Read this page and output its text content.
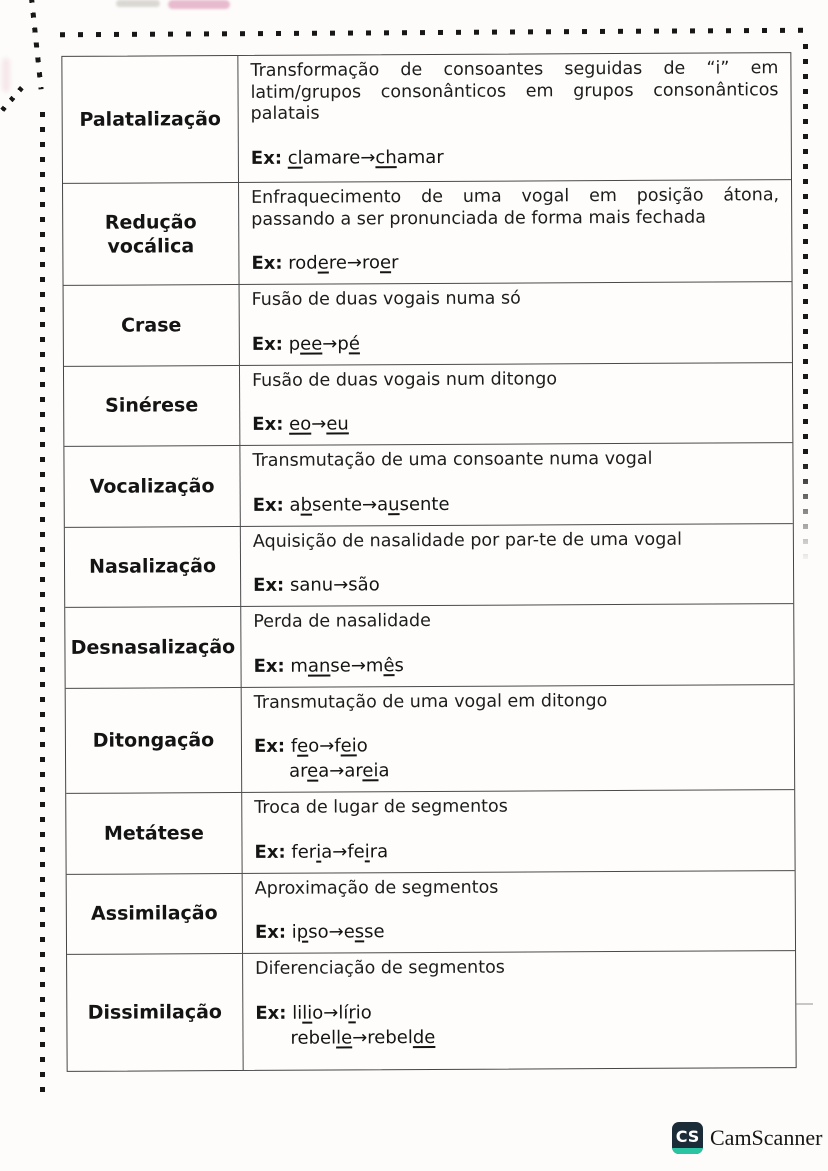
Palatalização

Transformação de consoantes seguidas de “i” em latim/grupos consonânticos em grupos consonânticos palatais

Ex: clamare→chamar
Redução
vocálica

Enfraquecimento de uma vogal em posição átona, passando a ser pronunciada de forma mais fechada

Ex: rodere→roer
Crase

Fusão de duas vogais numa só

Ex: pee→pé
Sinérese

Fusão de duas vogais num ditongo

Ex: eo→eu
Vocalização

Transmutação de uma consoante numa vogal

Ex: absente→ausente
Nasalização

Aquisição de nasalidade por par-te de uma vogal

Ex: sanu→são
Desnasalização

Perda de nasalidade

Ex: manse→mês
Ditongação

Transmutação de uma vogal em ditongo

Ex: feo→feio
area→areia
Metátese

Troca de lugar de segmentos

Ex: feria→feira
Assimilação

Aproximação de segmentos

Ex: ipso→esse
Dissimilação

Diferenciação de segmentos

Ex: lilio→lírio
rebelle→rebelde
CS CamScanner
